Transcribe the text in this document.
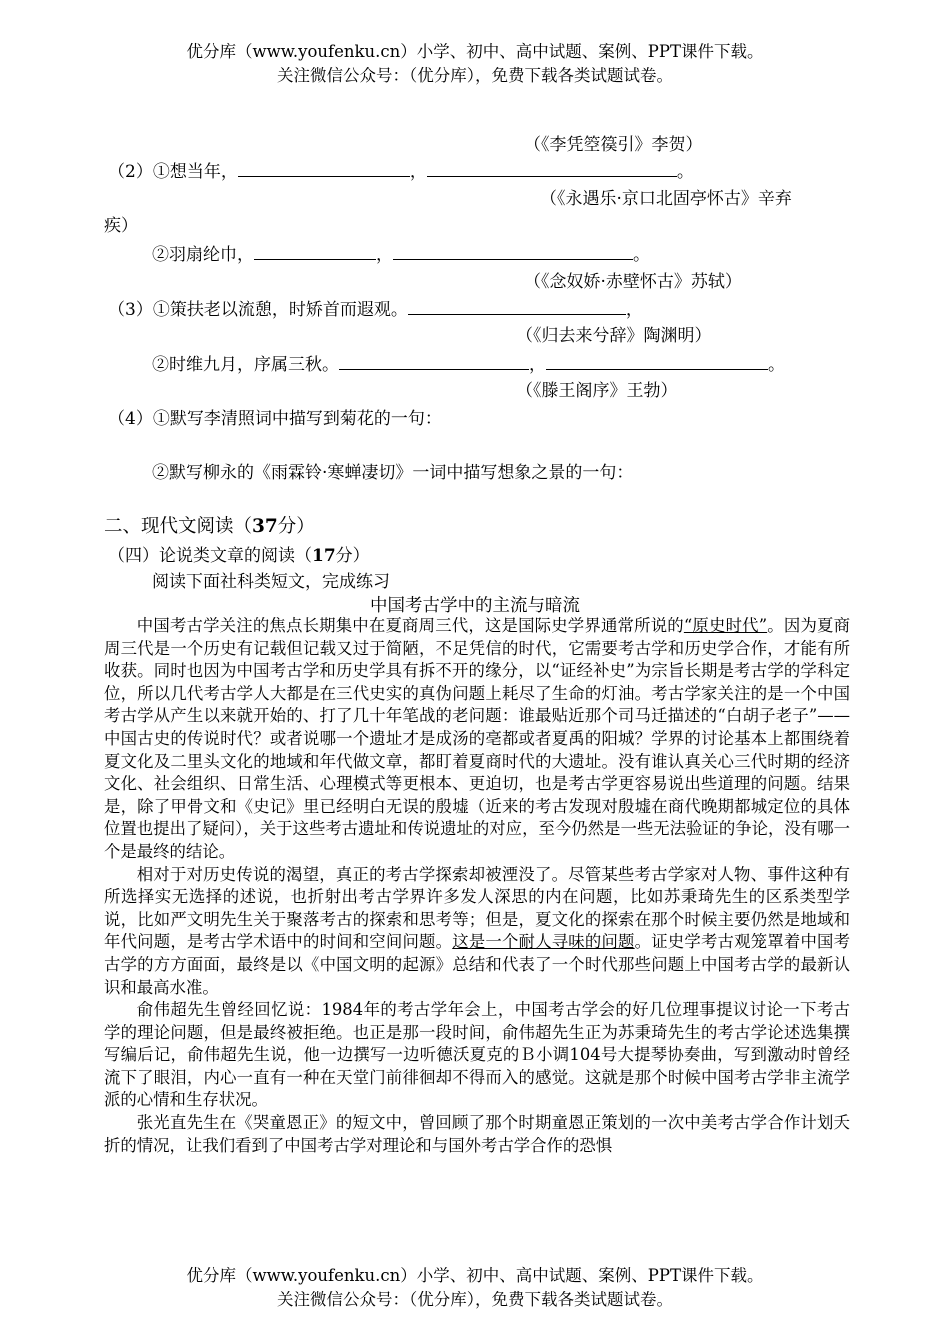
优分库（www.youfenku.cn）小学、初中、高中试题、案例、PPT课件下载。
关注微信公众号：（优分库），免费下载各类试题试卷。
（《李凭箜篌引》李贺）
（2）①想当年，	，	。
（《永遇乐·京口北固亭怀古》辛弃
疾）
②羽扇纶巾，	，	。
（《念奴娇·赤壁怀古》苏轼）
（3）①策扶老以流憩，时矫首而遐观。	，
（《归去来兮辞》陶渊明）
②时维九月，序属三秋。	，	。
（《滕王阁序》王勃）
（4）①默写李清照词中描写到菊花的一句：
②默写柳永的《雨霖铃·寒蝉凄切》一词中描写想象之景的一句：
二、现代文阅读（37分）
（四）论说类文章的阅读（17分）
阅读下面社科类短文，完成练习
中国考古学中的主流与暗流

中国考古学关注的焦点长期集中在夏商周三代，这是国际史学界通常所说的“原史时代”。因为夏商周三代是一个历史有记载但记载又过于简陋，不足凭信的时代，它需要考古学和历史学合作，才能有所收获。同时也因为中国考古学和历史学具有拆不开的缘分，以“证经补史”为宗旨长期是考古学的学科定位，所以几代考古学人大都是在三代史实的真伪问题上耗尽了生命的灯油。考古学家关注的是一个中国考古学从产生以来就开始的、打了几十年笔战的老问题：谁最贴近那个司马迁描述的“白胡子老子”——中国古史的传说时代？或者说哪一个遗址才是成汤的亳都或者夏禹的阳城？学界的讨论基本上都围绕着夏文化及二里头文化的地域和年代做文章，都盯着夏商时代的大遗址。没有谁认真关心三代时期的经济文化、社会组织、日常生活、心理模式等更根本、更迫切，也是考古学更容易说出些道理的问题。结果是，除了甲骨文和《史记》里已经明白无误的殷墟（近来的考古发现对殷墟在商代晚期都城定位的具体位置也提出了疑问），关于这些考古遗址和传说遗址的对应，至今仍然是一些无法验证的争论，没有哪一个是最终的结论。

相对于对历史传说的渴望，真正的考古学探索却被湮没了。尽管某些考古学家对人物、事件这种有所选择实无选择的述说，也折射出考古学界许多发人深思的内在问题，比如苏秉琦先生的区系类型学说，比如严文明先生关于聚落考古的探索和思考等；但是，夏文化的探索在那个时候主要仍然是地域和年代问题，是考古学术语中的时间和空间问题。这是一个耐人寻味的问题。证史学考古观笼罩着中国考古学的方方面面，最终是以《中国文明的起源》总结和代表了一个时代那些问题上中国考古学的最新认识和最高水准。

俞伟超先生曾经回忆说：1984年的考古学年会上，中国考古学会的好几位理事提议讨论一下考古学的理论问题，但是最终被拒绝。也正是那一段时间，俞伟超先生正为苏秉琦先生的考古学论述选集撰写编后记，俞伟超先生说，他一边撰写一边听德沃夏克的Ｂ小调104号大提琴协奏曲，写到激动时曾经流下了眼泪，内心一直有一种在天堂门前徘徊却不得而入的感觉。这就是那个时候中国考古学非主流学派的心情和生存状况。

张光直先生在《哭童恩正》的短文中，曾回顾了那个时期童恩正策划的一次中美考古学合作计划夭折的情况，让我们看到了中国考古学对理论和与国外考古学合作的恐惧

优分库（www.youfenku.cn）小学、初中、高中试题、案例、PPT课件下载。
关注微信公众号：（优分库），免费下载各类试题试卷。
